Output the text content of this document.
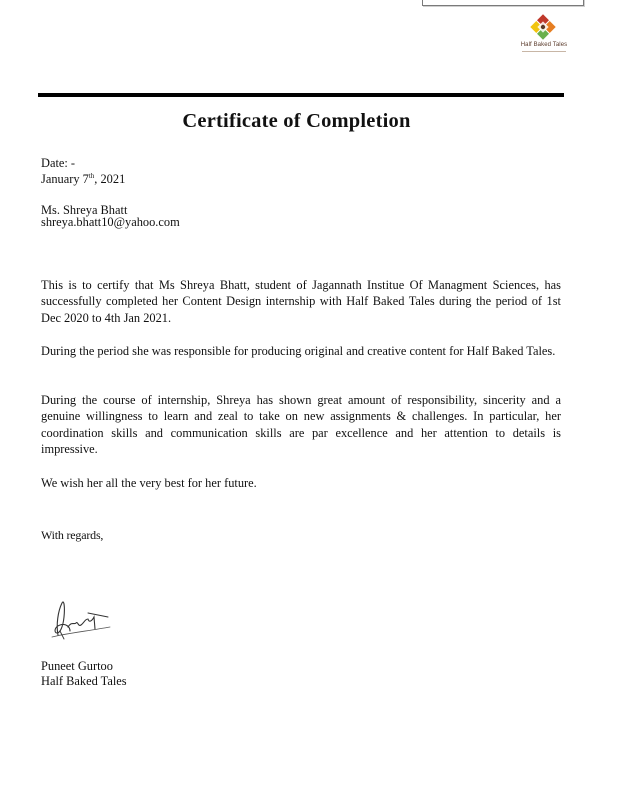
Half Baked Tales
Certificate of Completion
Date: -
January 7th, 2021
Ms. Shreya Bhatt
shreya.bhatt10@yahoo.com
This is to certify that Ms Shreya Bhatt, student of Jagannath Institue Of Managment Sciences, has successfully completed her Content Design internship with Half Baked Tales during the period of 1st Dec 2020 to 4th Jan 2021.
During the period she was responsible for producing original and creative content for Half Baked Tales.
During the course of internship, Shreya has shown great amount of responsibility, sincerity and a genuine willingness to learn and zeal to take on new assignments & challenges. In particular, her coordination skills and communication skills are par excellence and her attention to details is impressive.
We wish her all the very best for her future.
With regards,
Puneet Gurtoo
Half Baked Tales
